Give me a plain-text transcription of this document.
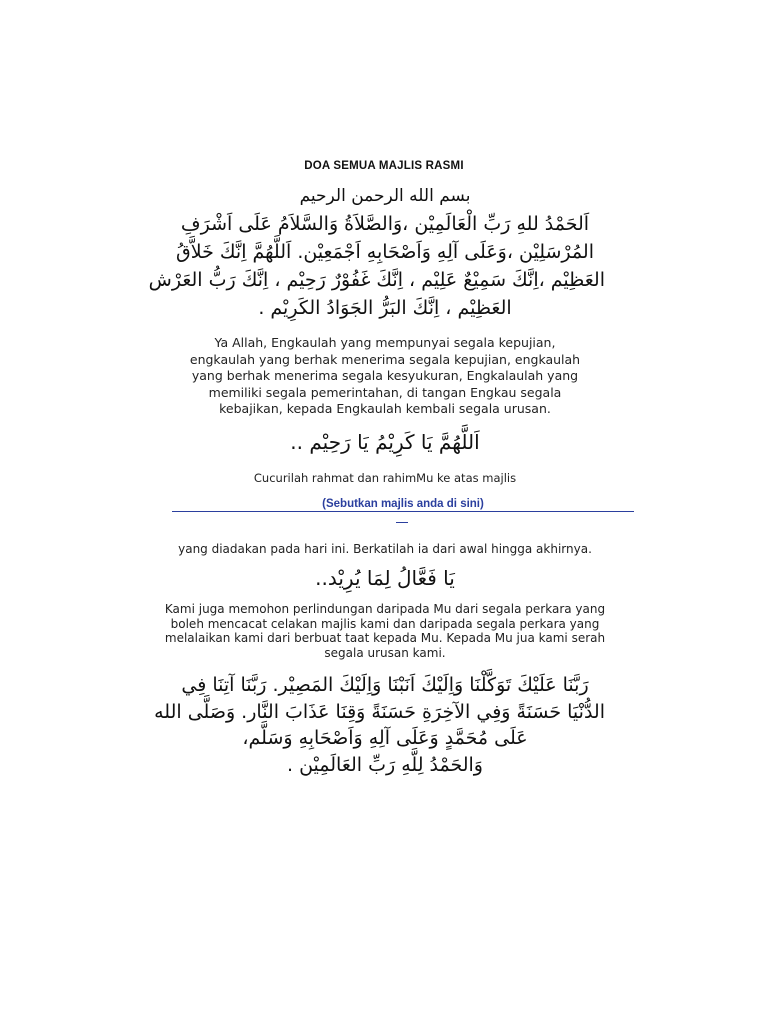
DOA SEMUA MAJLIS RASMI
بسم الله الرحمن الرحيم
اَلحَمْدُ للهِ رَبِّ الْعَالَمِيْن ،وَالصَّلاَةُ وَالسَّلاَمُ عَلَى اَشْرَفِ
المُرْسَلِيْن ،وَعَلَى آلِهِ وَاَصْحَابِهِ اَجْمَعِيْن. اَللَّهُمَّ اِنَّكَ خَلاَّقُ
العَظِيْم ،اِنَّكَ سَمِيْعٌ عَلِيْم ، اِنَّكَ غَفُوْرٌ رَحِيْم ، اِنَّكَ رَبُّ العَرْش
العَظِيْم ، اِنَّكَ البَرُّ الجَوَادُ الكَرِيْم .
Ya Allah, Engkaulah yang mempunyai segala kepujian,
engkaulah yang berhak menerima segala kepujian, engkaulah
yang berhak menerima segala kesyukuran, Engkalaulah yang
memiliki segala pemerintahan, di tangan Engkau segala
kebajikan, kepada Engkaulah kembali segala urusan.
اَللَّهُمَّ يَا كَرِيْمُ يَا رَحِيْم ..
Cucurilah rahmat dan rahimMu ke atas majlis
(Sebutkan majlis anda di sini)
yang diadakan pada hari ini. Berkatilah ia dari awal hingga akhirnya.
يَا فَعَّالُ لِمَا يُرِيْد..
Kami juga memohon perlindungan daripada Mu dari segala perkara yang
boleh mencacat celakan majlis kami dan daripada segala perkara yang
melalaikan kami dari berbuat taat kepada Mu. Kepada Mu jua kami serah
segala urusan kami.
رَبَّنَا عَلَيْكَ تَوَكَّلْنَا وَاِلَيْكَ اَنَبْنَا وَاِلَيْكَ المَصِيْر. رَبَّنَا آتِنَا فِي
الدُّنْيَا حَسَنَةً وَفِي الآخِرَةِ حَسَنَةً وَقِنَا عَذَابَ النَّار. وَصَلَّى الله
عَلَى مُحَمَّدٍ وَعَلَى آلِهِ وَاَصْحَابِهِ وَسَلَّم،
وَالحَمْدُ لِلَّهِ رَبِّ العَالَمِيْن .
